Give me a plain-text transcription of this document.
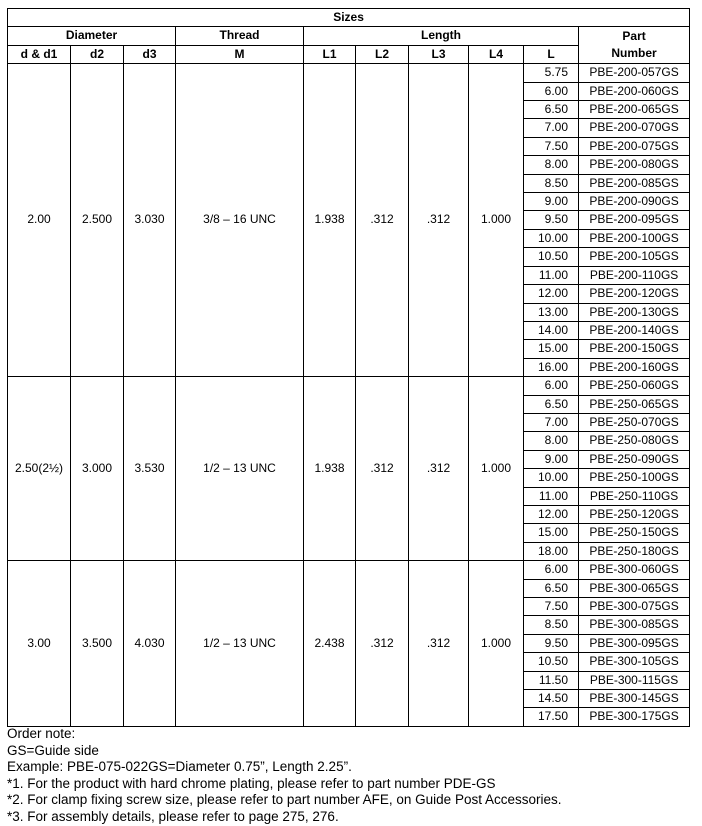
Sizes									
Diameter			Thread	Length					Part
Number
d & d1	d2	d3	M	L1	L2	L3	L4	L	
2.00	2.500	3.030	3/8 – 16 UNC	1.938	.312	.312	1.000	5.75	PBE-200-057GS
								6.00	PBE-200-060GS
								6.50	PBE-200-065GS
								7.00	PBE-200-070GS
								7.50	PBE-200-075GS
								8.00	PBE-200-080GS
								8.50	PBE-200-085GS
								9.00	PBE-200-090GS
								9.50	PBE-200-095GS
								10.00	PBE-200-100GS
								10.50	PBE-200-105GS
								11.00	PBE-200-110GS
								12.00	PBE-200-120GS
								13.00	PBE-200-130GS
								14.00	PBE-200-140GS
								15.00	PBE-200-150GS
								16.00	PBE-200-160GS
2.50(2½)	3.000	3.530	1/2 – 13 UNC	1.938	.312	.312	1.000	6.00	PBE-250-060GS
								6.50	PBE-250-065GS
								7.00	PBE-250-070GS
								8.00	PBE-250-080GS
								9.00	PBE-250-090GS
								10.00	PBE-250-100GS
								11.00	PBE-250-110GS
								12.00	PBE-250-120GS
								15.00	PBE-250-150GS
								18.00	PBE-250-180GS
3.00	3.500	4.030	1/2 – 13 UNC	2.438	.312	.312	1.000	6.00	PBE-300-060GS
								6.50	PBE-300-065GS
								7.50	PBE-300-075GS
								8.50	PBE-300-085GS
								9.50	PBE-300-095GS
								10.50	PBE-300-105GS
								11.50	PBE-300-115GS
								14.50	PBE-300-145GS
								17.50	PBE-300-175GS
Order note:
GS=Guide side
Example: PBE-075-022GS=Diameter 0.75”, Length 2.25”.
*1. For the product with hard chrome plating, please refer to part number PDE-GS
*2. For clamp fixing screw size, please refer to part number AFE, on Guide Post Accessories.
*3. For assembly details, please refer to page 275, 276.
